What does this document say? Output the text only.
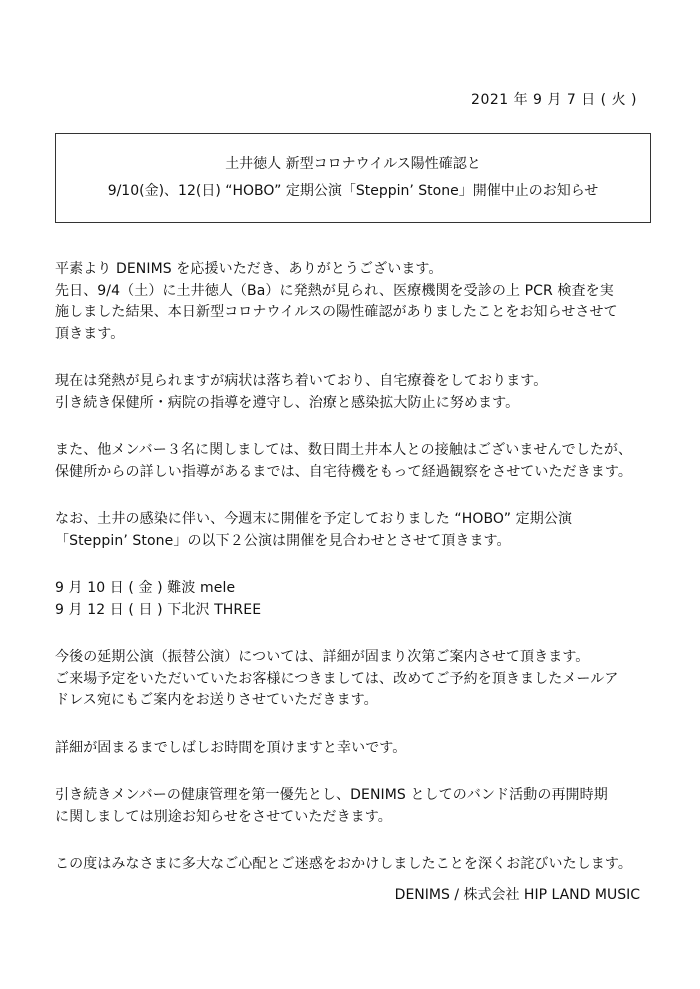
2021 年 9 月 7 日 ( 火 )
土井徳人 新型コロナウイルス陽性確認と
9/10(金)、12(日) “HOBO” 定期公演「Steppin’ Stone」開催中止のお知らせ
平素より DENIMS を応援いただき、ありがとうございます。
先日、9/4（土）に土井徳人（Ba）に発熱が見られ、医療機関を受診の上 PCR 検査を実
施しました結果、本日新型コロナウイルスの陽性確認がありましたことをお知らせさせて
頂きます。
現在は発熱が見られますが病状は落ち着いており、自宅療養をしております。
引き続き保健所・病院の指導を遵守し、治療と感染拡大防止に努めます。
また、他メンバー３名に関しましては、数日間土井本人との接触はございませんでしたが、
保健所からの詳しい指導があるまでは、自宅待機をもって経過観察をさせていただきます。
なお、土井の感染に伴い、今週末に開催を予定しておりました “HOBO” 定期公演
「Steppin’ Stone」の以下２公演は開催を見合わせとさせて頂きます。
9 月 10 日 ( 金 ) 難波 mele
9 月 12 日 ( 日 ) 下北沢 THREE
今後の延期公演（振替公演）については、詳細が固まり次第ご案内させて頂きます。
ご来場予定をいただいていたお客様につきましては、改めてご予約を頂きましたメールア
ドレス宛にもご案内をお送りさせていただきます。
詳細が固まるまでしばしお時間を頂けますと幸いです。
引き続きメンバーの健康管理を第一優先とし、DENIMS としてのバンド活動の再開時期
に関しましては別途お知らせをさせていただきます。
この度はみなさまに多大なご心配とご迷惑をおかけしましたことを深くお詫びいたします。
DENIMS / 株式会社 HIP LAND MUSIC
